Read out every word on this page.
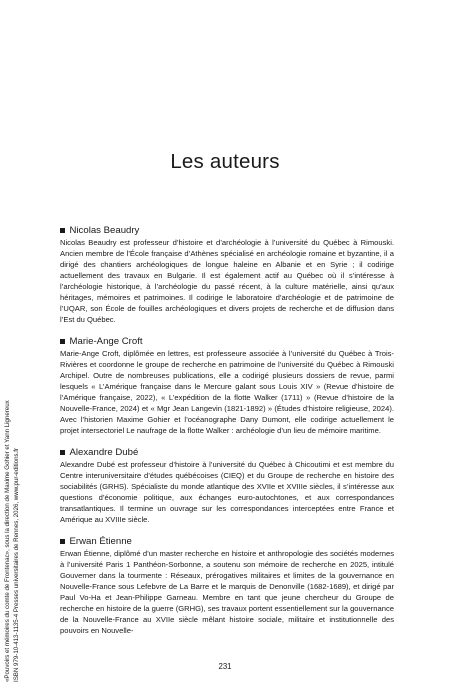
Les auteurs
Nicolas Beaudry

Nicolas Beaudry est professeur d’histoire et d’archéologie à l’université du Québec à Rimouski. Ancien membre de l’École française d’Athènes spécialisé en archéologie romaine et byzantine, il a dirigé des chantiers archéologiques de longue haleine en Albanie et en Syrie ; il codirige actuellement des travaux en Bulgarie. Il est également actif au Québec où il s’intéresse à l’archéologie historique, à l’archéologie du passé récent, à la culture matérielle, ainsi qu’aux héritages, mémoires et patrimoines. Il codirige le laboratoire d’archéologie et de patrimoine de l’UQAR, son École de fouilles archéologiques et divers projets de recherche et de diffusion dans l’Est du Québec.

Marie-Ange Croft

Marie-Ange Croft, diplômée en lettres, est professeure associée à l’université du Québec à Trois-Rivières et coordonne le groupe de recherche en patrimoine de l’université du Québec à Rimouski Archipel. Outre de nombreuses publications, elle a codirigé plusieurs dossiers de revue, parmi lesquels « L’Amérique française dans le Mercure galant sous Louis XIV » (Revue d’histoire de l’Amérique française, 2022), « L’expédition de la flotte Walker (1711) » (Revue d’histoire de la Nouvelle-France, 2024) et « Mgr Jean Langevin (1821-1892) » (Études d’histoire religieuse, 2024). Avec l’historien Maxime Gohier et l’océanographe Dany Dumont, elle codirige actuellement le projet intersectoriel Le naufrage de la flotte Walker : archéologie d’un lieu de mémoire maritime.

Alexandre Dubé

Alexandre Dubé est professeur d’histoire à l’université du Québec à Chicoutimi et est membre du Centre interuniversitaire d’études québécoises (CIEQ) et du Groupe de recherche en histoire des sociabilités (GRHS). Spécialiste du monde atlantique des XVIIe et XVIIIe siècles, il s’intéresse aux questions d’économie politique, aux échanges euro-autochtones, et aux correspondances transatlantiques. Il termine un ouvrage sur les correspondances interceptées entre France et Amérique au XVIIIe siècle.

Erwan Étienne

Erwan Étienne, diplômé d’un master recherche en histoire et anthropologie des sociétés modernes à l’université Paris 1 Panthéon-Sorbonne, a soutenu son mémoire de recherche en 2025, intitulé Gouverner dans la tourmente : Réseaux, prérogatives militaires et limites de la gouvernance en Nouvelle-France sous Lefebvre de La Barre et le marquis de Denonville (1682-1689), et dirigé par Paul Vo-Ha et Jean-Philippe Garneau. Membre en tant que jeune chercheur du Groupe de recherche en histoire de la guerre (GRHG), ses travaux portent essentiellement sur la gouvernance de la Nouvelle-France au XVIIe siècle mêlant histoire sociale, militaire et institutionnelle des pouvoirs en Nouvelle-

«Pouvoirs et mémoires du comte de Frontenac», sous la direction de Maxime Gohier et Yann Lignereux ISBN 979-10-413-1135-4 Presses universitaires de Rennes, 2026, www.pur-editions.fr	231
